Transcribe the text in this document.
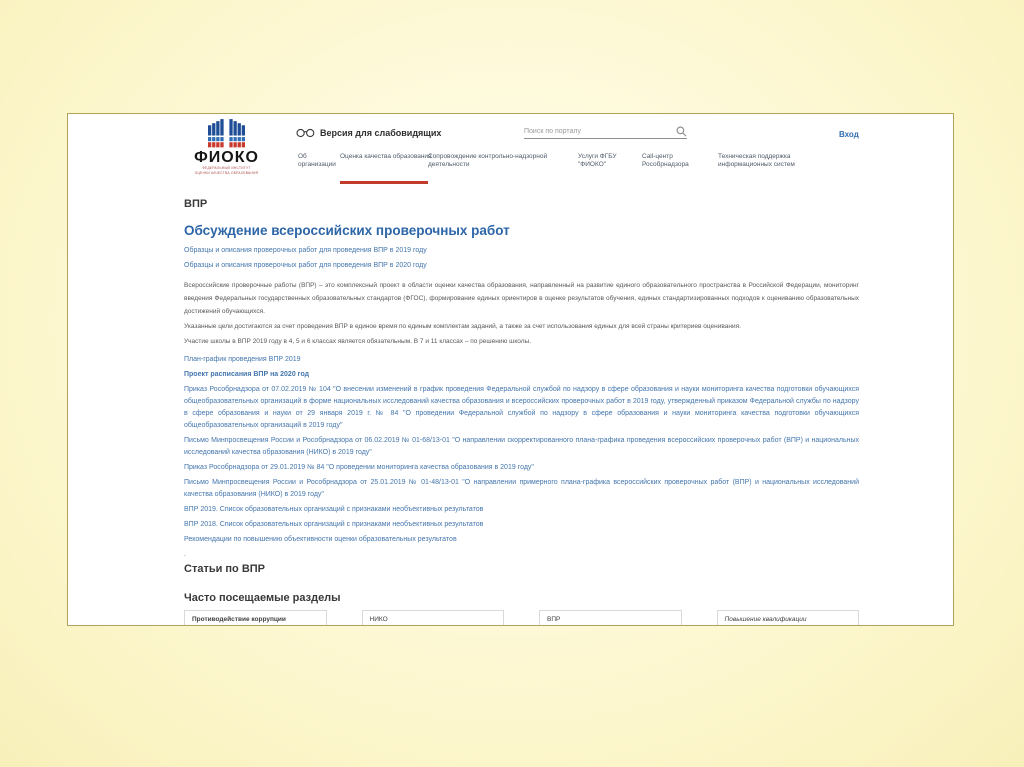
ФИОКО
ФЕДЕРАЛЬНЫЙ ИНСТИТУТ
ОЦЕНКИ КАЧЕСТВА ОБРАЗОВАНИЯ
Версия для слабовидящих
Поиск по порталу	Вход
Об организации
Оценка качества образования
Сопровождение контрольно-надзорной деятельности
Услуги ФГБУ "ФИОКО"
Call-центр Рособрнадзора
Техническая поддержка информационных систем
ВПР
Обсуждение всероссийских проверочных работ
Образцы и описания проверочных работ для проведения ВПР в 2019 году
Образцы и описания проверочных работ для проведения ВПР в 2020 году

Всероссийские проверочные работы (ВПР) – это комплексный проект в области оценки качества образования, направленный на развитие единого образовательного пространства в Российской Федерации, мониторинг введения Федеральных государственных образовательных стандартов (ФГОС), формирование единых ориентиров в оценке результатов обучения, единых стандартизированных подходов к оцениванию образовательных достижений обучающихся.

Указанные цели достигаются за счет проведения ВПР в единое время по единым комплектам заданий, а также за счет использования единых для всей страны критериев оценивания.

Участие школы в ВПР 2019 году в 4, 5 и 6 классах является обязательным. В 7 и 11 классах – по решению школы.

План-график проведения ВПР 2019
Проект расписания ВПР на 2020 год
Приказ Рособрнадзора от 07.02.2019 № 104 "О внесении изменений в график проведения Федеральной службой по надзору в сфере образования и науки мониторинга качества подготовки обучающихся общеобразовательных организаций в форме национальных исследований качества образования и всероссийских проверочных работ в 2019 году, утвержденный приказом Федеральной службы по надзору в сфере образования и науки от 29 января 2019 г. № 84 "О проведении Федеральной службой по надзору в сфере образования и науки мониторинга качества подготовки обучающихся общеобразовательных организаций в 2019 году"
Письмо Минпросвещения России и Рособрнадзора от 06.02.2019 № 01-68/13-01 "О направлении скорректированного плана-графика проведения всероссийских проверочных работ (ВПР) и национальных исследований качества образования (НИКО) в 2019 году"
Приказ Рособрнадзора от 29.01.2019 № 84 "О проведении мониторинга качества образования в 2019 году"
Письмо Минпросвещения России и Рособрнадзора от 25.01.2019 № 01-48/13-01 "О направлении примерного плана-графика всероссийских проверочных работ (ВПР) и национальных исследований качества образования (НИКО) в 2019 году"
ВПР 2019. Список образовательных организаций с признаками необъективных результатов
ВПР 2018. Список образовательных организаций с признаками необъективных результатов
Рекомендации по повышению объективности оценки образовательных результатов
.
Статьи по ВПР
Часто посещаемые разделы
Противодействие коррупции	НИКО	ВПР	Повышение квалификации
